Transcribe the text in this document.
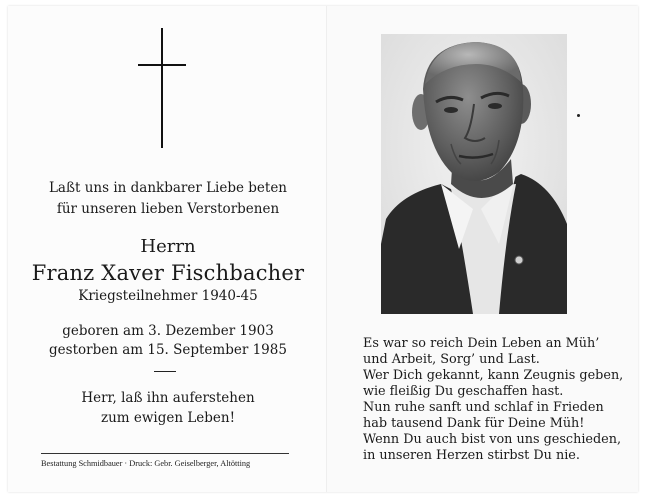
Laßt uns in dankbarer Liebe beten
für unseren lieben Verstorbenen
Herrn
Franz Xaver Fischbacher
Kriegsteilnehmer 1940-45
geboren am 3. Dezember 1903
gestorben am 15. September 1985
Herr, laß ihn auferstehen
zum ewigen Leben!
Bestattung Schmidbauer · Druck: Gebr. Geiselberger, Altötting
Es war so reich Dein Leben an Müh’
und Arbeit, Sorg’ und Last.
Wer Dich gekannt, kann Zeugnis geben,
wie fleißig Du geschaffen hast.
Nun ruhe sanft und schlaf in Frieden
hab tausend Dank für Deine Müh!
Wenn Du auch bist von uns geschieden,
in unseren Herzen stirbst Du nie.
